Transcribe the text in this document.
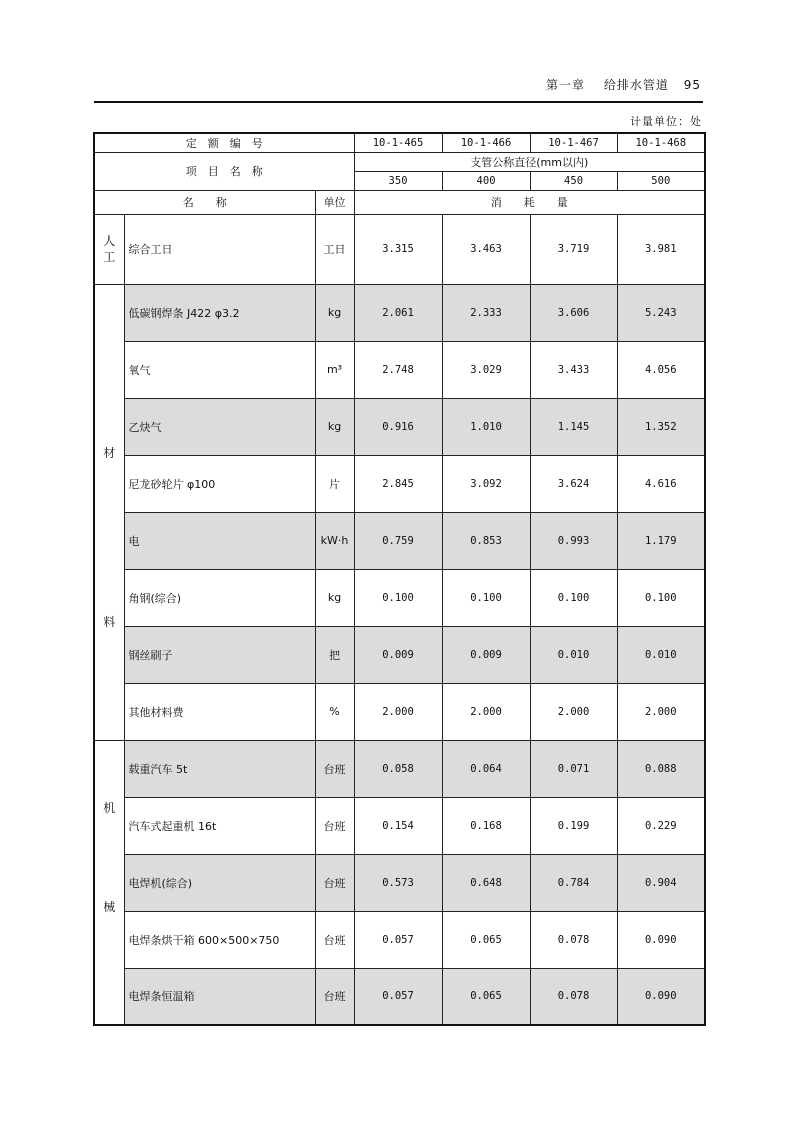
第一章 给排水管道 95
计量单位：处
定　额　编　号			10-1-465	10-1-466	10-1-467	10-1-468
项　目　名　称			支管公称直径(mm以内)			
			350	400	450	500
名　　称		单位	消　　耗　　量			

人
工	综合工日	工日	3.315	3.463	3.719	3.981

材
料	低碳钢焊条 J422 φ3.2	kg	2.061	2.333	3.606	5.243
	氧气	m³	2.748	3.029	3.433	4.056
	乙炔气	kg	0.916	1.010	1.145	1.352
	尼龙砂轮片 φ100	片	2.845	3.092	3.624	4.616
	电	kW·h	0.759	0.853	0.993	1.179
	角钢(综合)	kg	0.100	0.100	0.100	0.100
	钢丝刷子	把	0.009	0.009	0.010	0.010
	其他材料费	%	2.000	2.000	2.000	2.000

机
械	载重汽车 5t	台班	0.058	0.064	0.071	0.088
	汽车式起重机 16t	台班	0.154	0.168	0.199	0.229
	电焊机(综合)	台班	0.573	0.648	0.784	0.904
	电焊条烘干箱 600×500×750	台班	0.057	0.065	0.078	0.090
	电焊条恒温箱	台班	0.057	0.065	0.078	0.090
